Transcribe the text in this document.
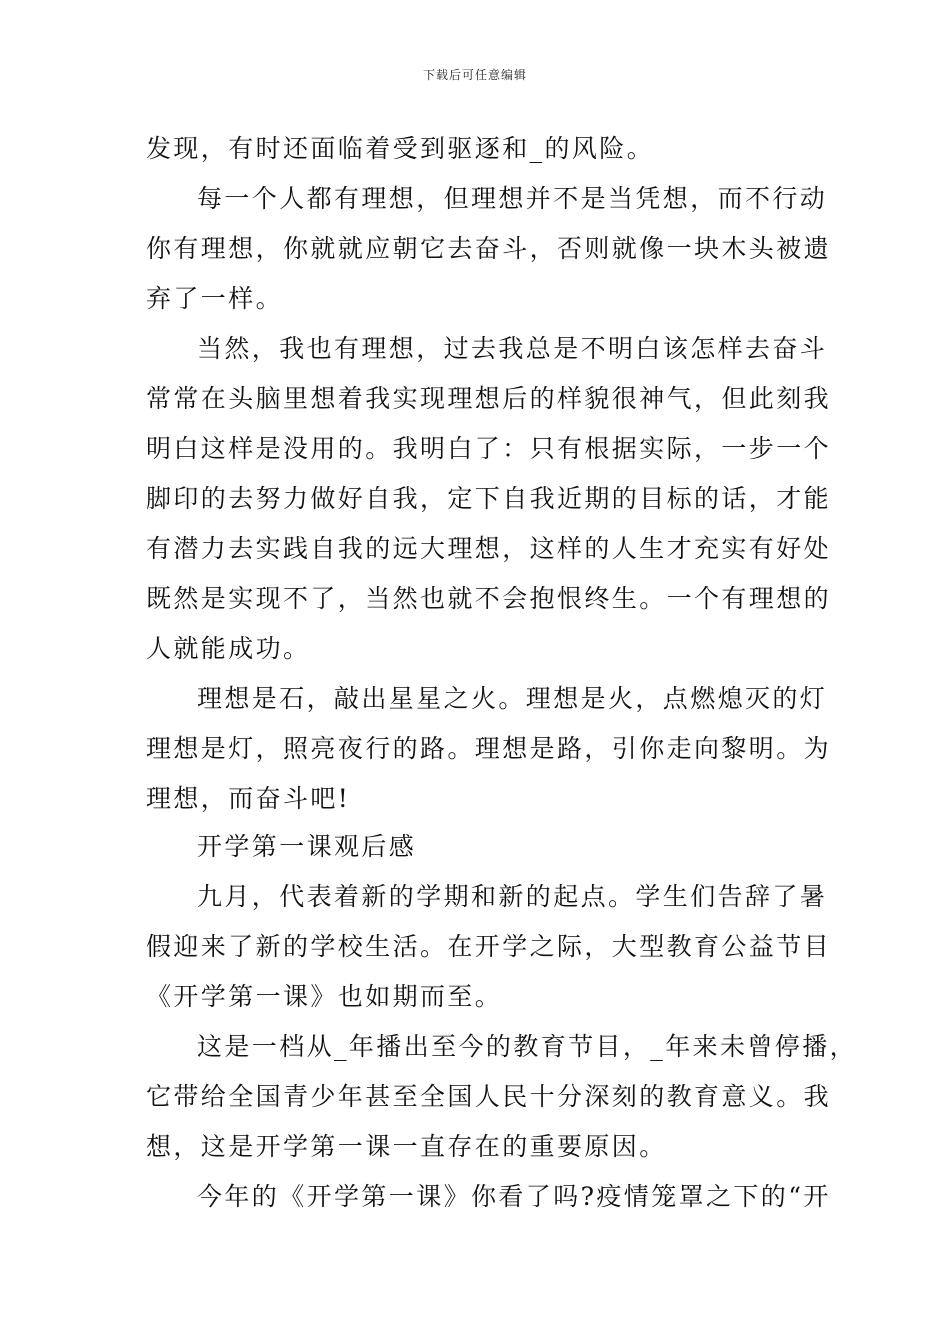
下载后可任意编辑
发现，有时还面临着受到驱逐和_的风险。
每一个人都有理想，但理想并不是当凭想，而不行动
你有理想，你就就应朝它去奋斗，否则就像一块木头被遗
弃了一样。
当然，我也有理想，过去我总是不明白该怎样去奋斗
常常在头脑里想着我实现理想后的样貌很神气，但此刻我
明白这样是没用的。我明白了：只有根据实际，一步一个
脚印的去努力做好自我，定下自我近期的目标的话，才能
有潜力去实践自我的远大理想，这样的人生才充实有好处
既然是实现不了，当然也就不会抱恨终生。一个有理想的
人就能成功。
理想是石，敲出星星之火。理想是火，点燃熄灭的灯
理想是灯，照亮夜行的路。理想是路，引你走向黎明。为
理想，而奋斗吧!
开学第一课观后感
九月，代表着新的学期和新的起点。学生们告辞了暑
假迎来了新的学校生活。在开学之际，大型教育公益节目
《开学第一课》也如期而至。
这是一档从_年播出至今的教育节目，_年来未曾停播，
它带给全国青少年甚至全国人民十分深刻的教育意义。我
想，这是开学第一课一直存在的重要原因。
今年的《开学第一课》你看了吗?疫情笼罩之下的“开
